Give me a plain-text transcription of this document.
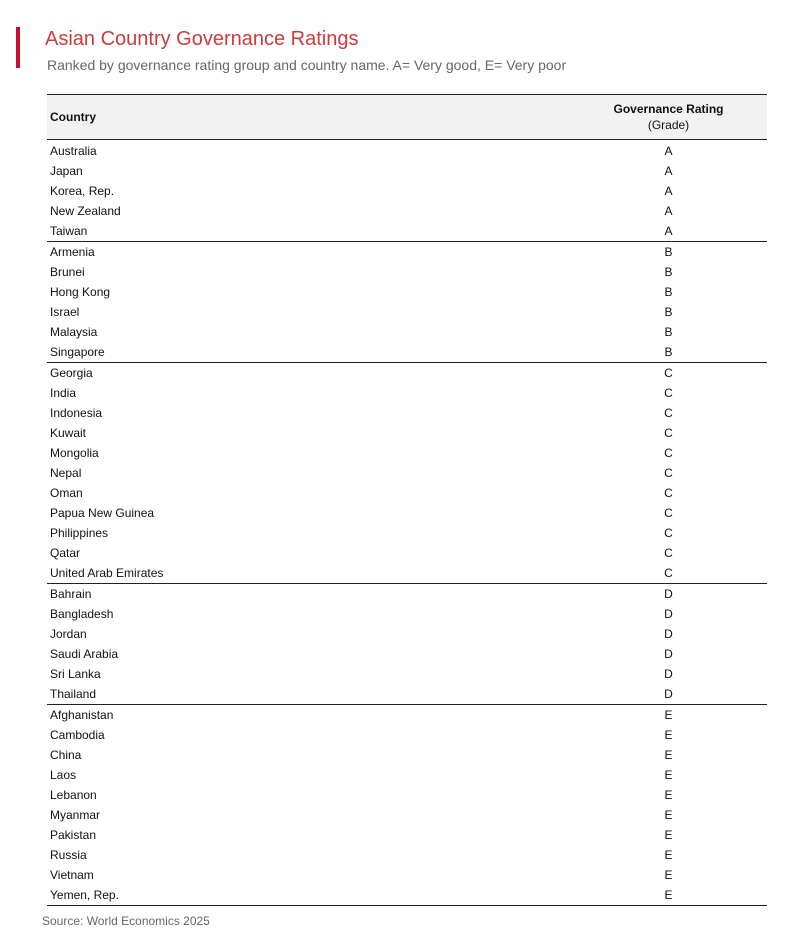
Asian Country Governance Ratings
Ranked by governance rating group and country name. A= Very good, E= Very poor
Country	Governance Rating
(Grade)

Australia	A
Japan	A
Korea, Rep.	A
New Zealand	A
Taiwan	A
Armenia	B
Brunei	B
Hong Kong	B
Israel	B
Malaysia	B
Singapore	B
Georgia	C
India	C
Indonesia	C
Kuwait	C
Mongolia	C
Nepal	C
Oman	C
Papua New Guinea	C
Philippines	C
Qatar	C
United Arab Emirates	C
Bahrain	D
Bangladesh	D
Jordan	D
Saudi Arabia	D
Sri Lanka	D
Thailand	D
Afghanistan	E
Cambodia	E
China	E
Laos	E
Lebanon	E
Myanmar	E
Pakistan	E
Russia	E
Vietnam	E
Yemen, Rep.	E
Source: World Economics 2025
